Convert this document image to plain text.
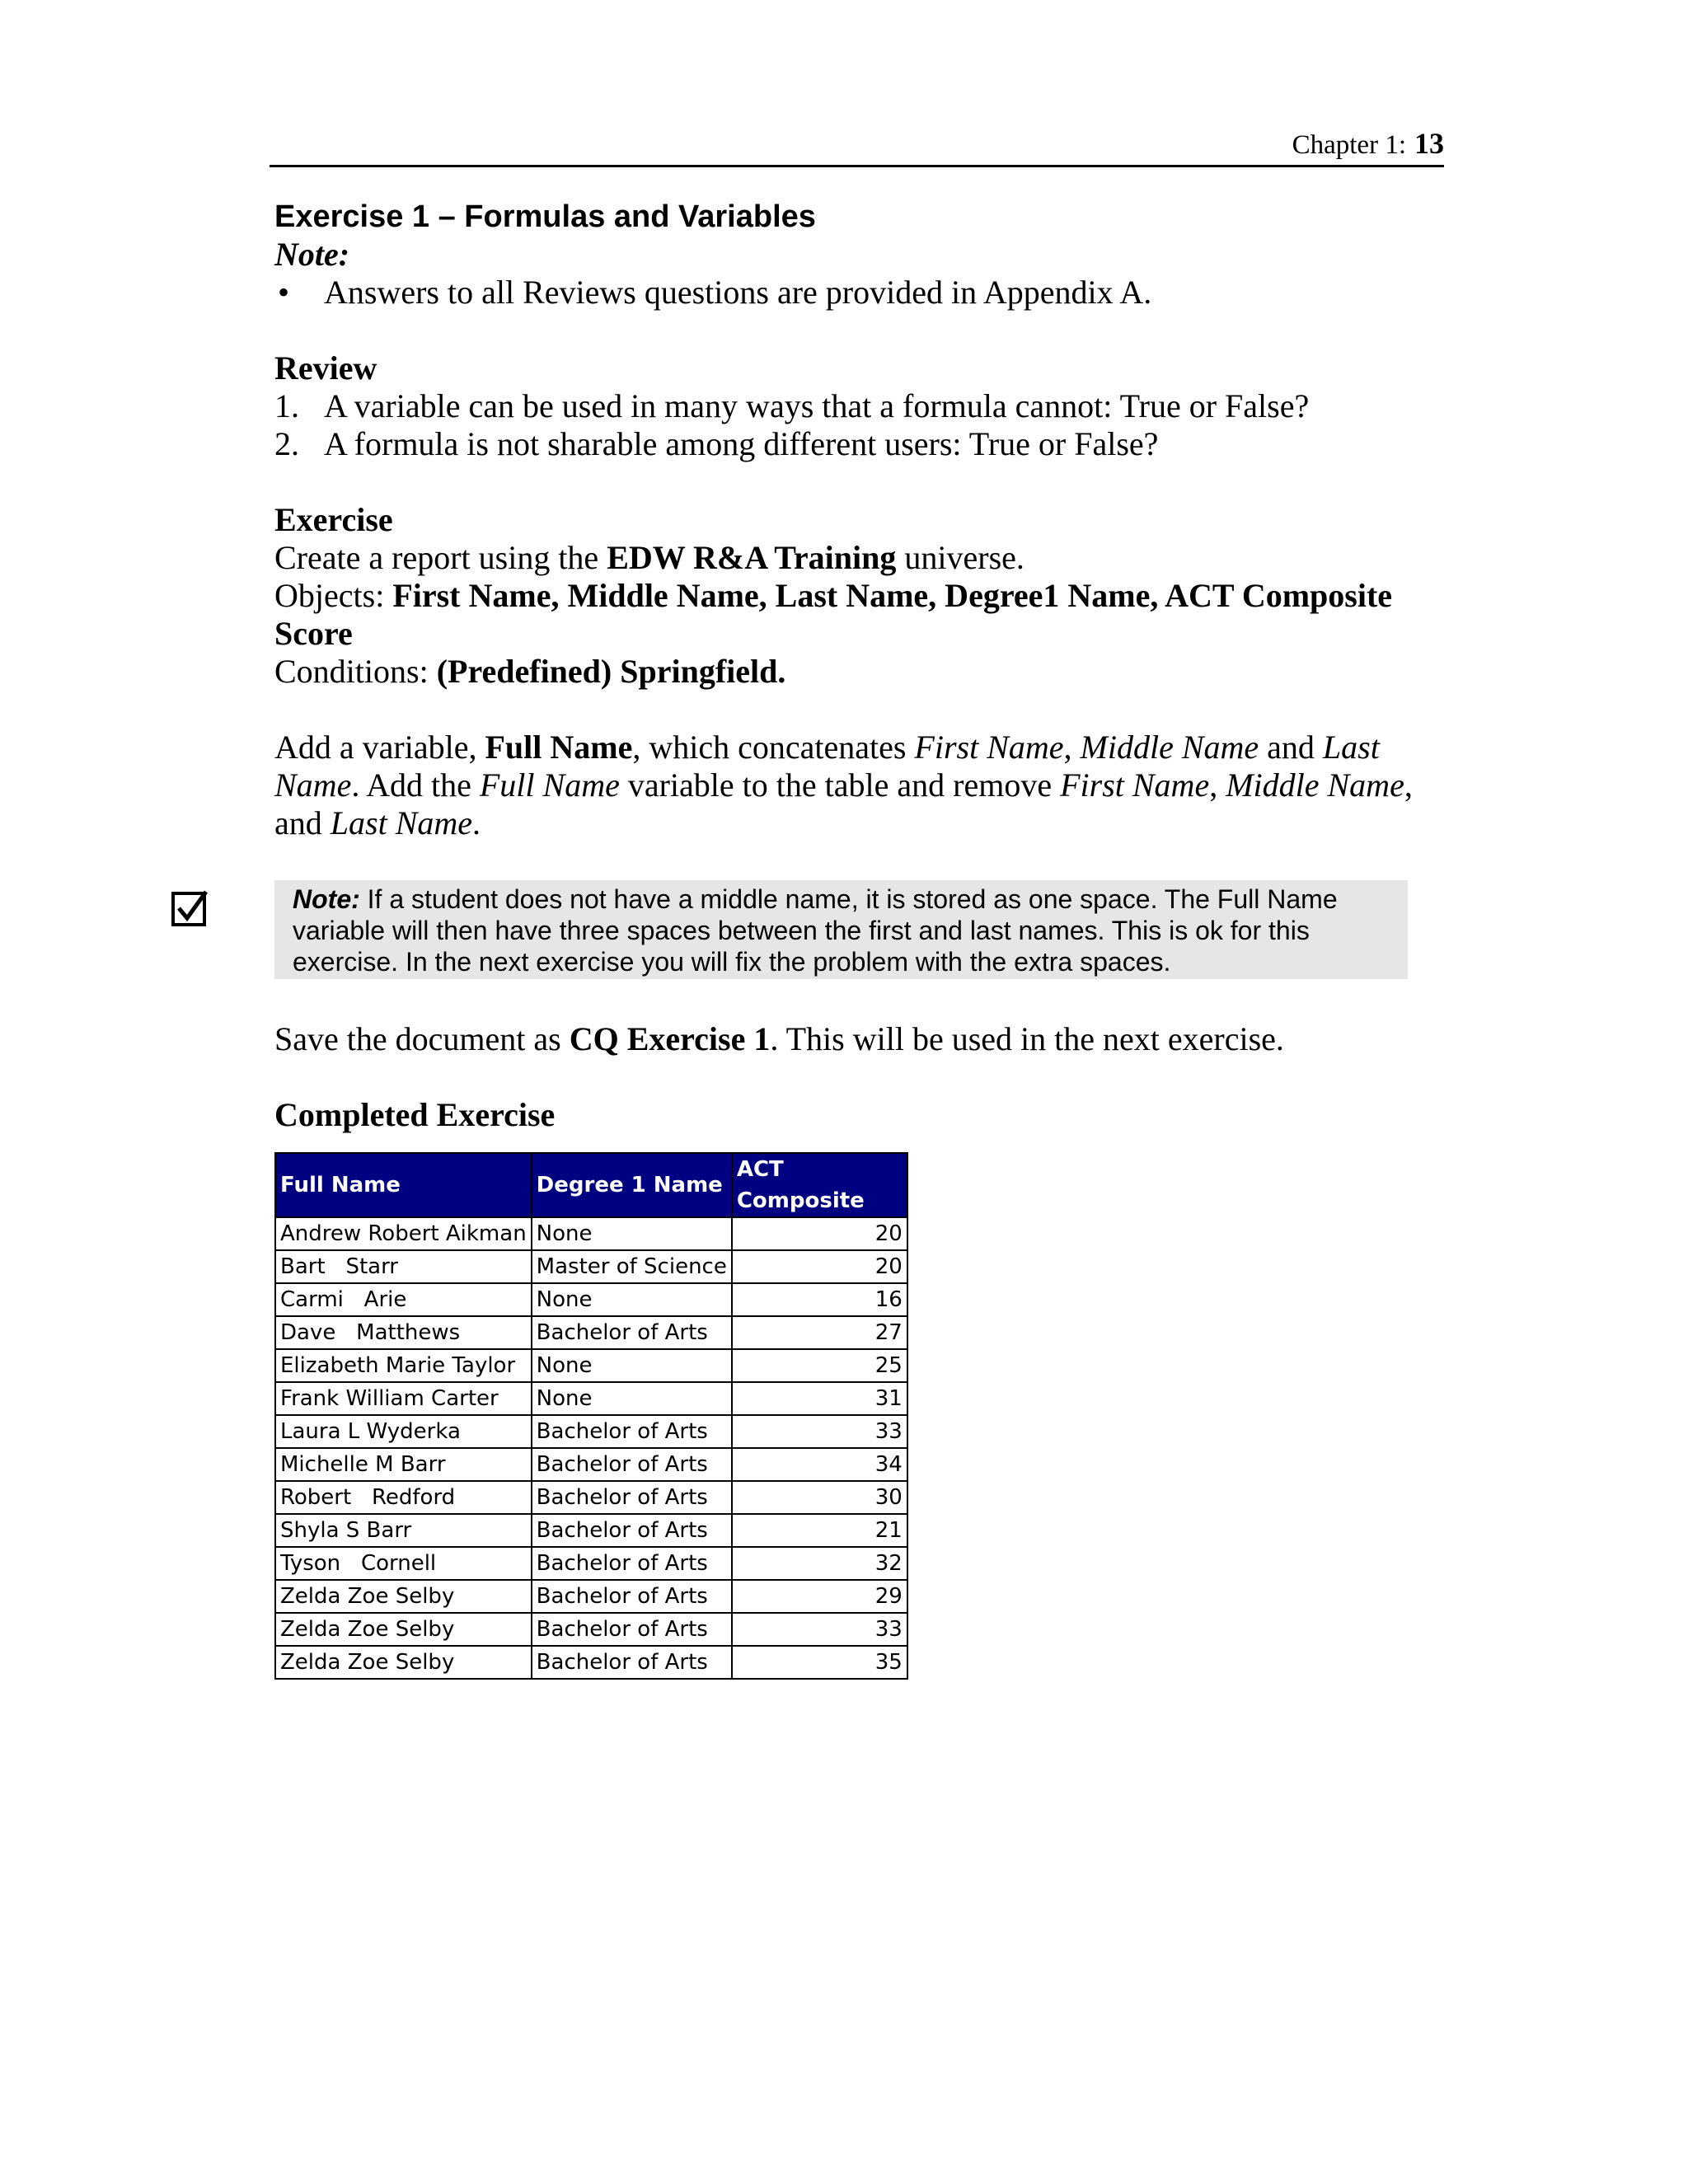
Chapter 1: 13
Exercise 1 – Formulas and Variables

Note:

•	Answers to all Reviews questions are provided in Appendix A.

Review

1. A variable can be used in many ways that a formula cannot: True or False?
2. A formula is not sharable among different users: True or False?

Exercise

Create a report using the EDW R&A Training universe.

Objects: First Name, Middle Name, Last Name, Degree1 Name, ACT Composite Score

Conditions: (Predefined) Springfield.

Add a variable, Full Name, which concatenates First Name, Middle Name and Last Name. Add the Full Name variable to the table and remove First Name, Middle Name, and Last Name.

Note: If a student does not have a middle name, it is stored as one space. The Full Name variable will then have three spaces between the first and last names. This is ok for this exercise. In the next exercise you will fix the problem with the extra spaces.

Save the document as CQ Exercise 1. This will be used in the next exercise.

Completed Exercise

Full Name	Degree 1 Name	ACT Composite
Andrew Robert Aikman	None	20
Bart   Starr	Master of Science	20
Carmi   Arie	None	16
Dave   Matthews	Bachelor of Arts	27
Elizabeth Marie Taylor	None	25
Frank William Carter	None	31
Laura L Wyderka	Bachelor of Arts	33
Michelle M Barr	Bachelor of Arts	34
Robert   Redford	Bachelor of Arts	30
Shyla S Barr	Bachelor of Arts	21
Tyson   Cornell	Bachelor of Arts	32
Zelda Zoe Selby	Bachelor of Arts	29
Zelda Zoe Selby	Bachelor of Arts	33
Zelda Zoe Selby	Bachelor of Arts	35
